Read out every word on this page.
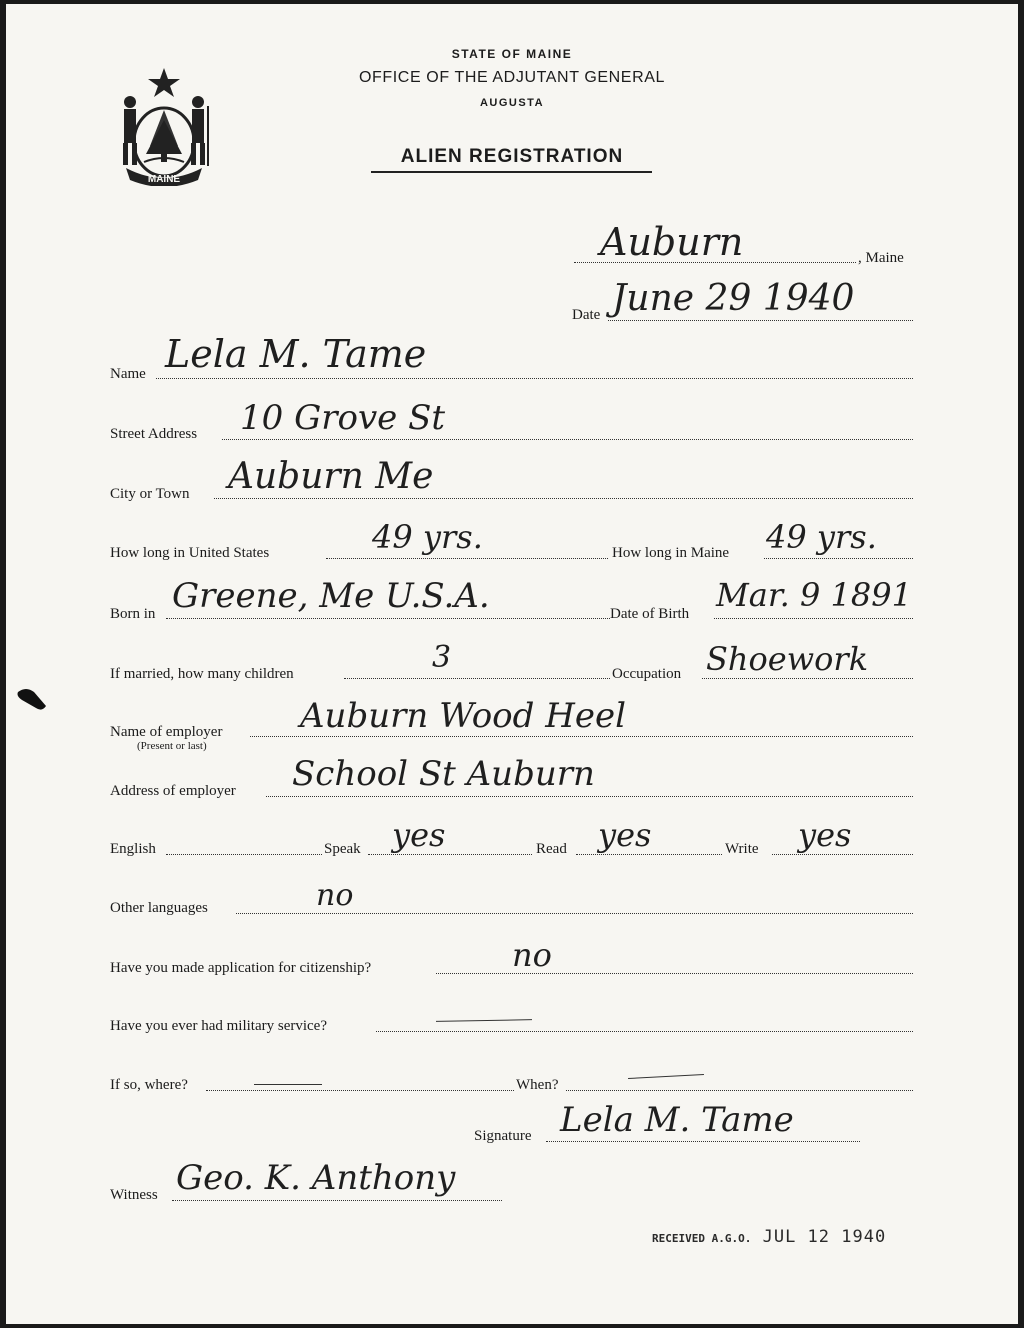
MAINE
STATE OF MAINE
OFFICE OF THE ADJUTANT GENERAL
AUGUSTA
ALIEN REGISTRATION
Auburn	, Maine
Date June 29 1940
Name Lela M. Tame
Street Address 10 Grove St
City or Town Auburn Me
How long in United States	49 yrs.	How long in Maine 49 yrs.
Born in Greene, Me U.S.A.	Date of Birth Mar. 9 1891
If married, how many children	3	Occupation Shoework
Name of employer
(Present or last)
Auburn Wood Heel
Address of employer School St Auburn
English	Speak yes	Read yes	Write yes
Other languages	no
Have you made application for citizenship?	no
Have you ever had military service?
If so, where?	When?
Signature Lela M. Tame
Witness Geo. K. Anthony
RECEIVED A.G.O. JUL 12 1940
